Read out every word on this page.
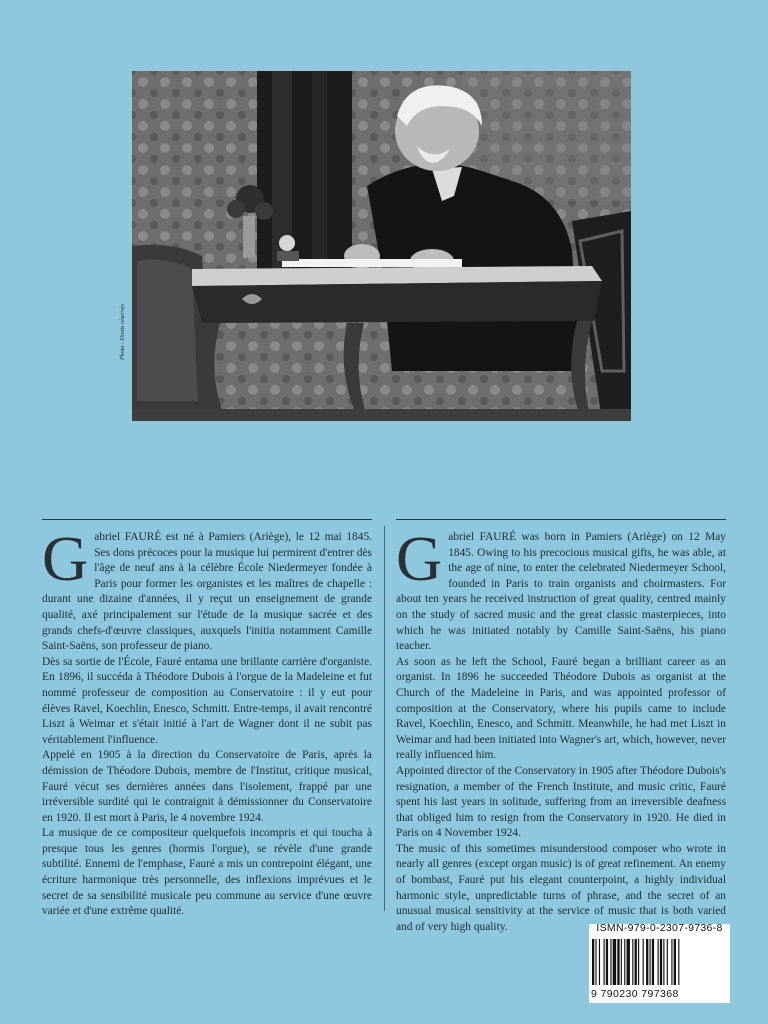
Photo : Droits réservés
G abriel FAURÉ est né à Pamiers (Ariège), le 12 mai 1845. Ses dons précoces pour la musique lui permirent d'entrer dès l'âge de neuf ans à la célèbre École Niedermeyer fondée à Paris pour former les organistes et les maîtres de chapelle : durant une dizaine d'années, il y reçut un enseignement de grande qualité, axé principalement sur l'étude de la musique sacrée et des grands chefs-d'œuvre classiques, auxquels l'initia notamment Camille Saint-Saëns, son professeur de piano.

Dès sa sortie de l'École, Fauré entama une brillante carrière d'organiste. En 1896, il succéda à Théodore Dubois à l'orgue de la Madeleine et fut nommé professeur de composition au Conservatoire : il y eut pour élèves Ravel, Koechlin, Enesco, Schmitt. Entre-temps, il avait rencontré Liszt à Weimar et s'était initié à l'art de Wagner dont il ne subit pas véritablement l'influence.

Appelé en 1905 à la direction du Conservatoire de Paris, après la démission de Théodore Dubois, membre de l'Institut, critique musical, Fauré vécut ses dernières années dans l'isolement, frappé par une irréversible surdité qui le contraignit à démissionner du Conservatoire en 1920. Il est mort à Paris, le 4 novembre 1924.

La musique de ce compositeur quelquefois incompris et qui toucha à presque tous les genres (hormis l'orgue), se révèle d'une grande subtilité. Ennemi de l'emphase, Fauré a mis un contrepoint élégant, une écriture harmonique très personnelle, des inflexions imprévues et le secret de sa sensibilité musicale peu commune au service d'une œuvre variée et d'une extrême qualité.

G abriel FAURÉ was born in Pamiers (Ariège) on 12 May 1845. Owing to his precocious musical gifts, he was able, at the age of nine, to enter the celebrated Niedermeyer School, founded in Paris to train organists and choirmasters. For about ten years he received instruction of great quality, centred mainly on the study of sacred music and the great classic masterpieces, into which he was initiated notably by Camille Saint-Saëns, his piano teacher.

As soon as he left the School, Fauré began a brilliant career as an organist. In 1896 he succeeded Théodore Dubois as organist at the Church of the Madeleine in Paris, and was appointed professor of composition at the Conservatory, where his pupils came to include Ravel, Koechlin, Enesco, and Schmitt. Meanwhile, he had met Liszt in Weimar and had been initiated into Wagner's art, which, however, never really influenced him.

Appointed director of the Conservatory in 1905 after Théodore Dubois's resignation, a member of the French Institute, and music critic, Fauré spent his last years in solitude, suffering from an irreversible deafness that obliged him to resign from the Conservatory in 1920. He died in Paris on 4 November 1924.

The music of this sometimes misunderstood composer who wrote in nearly all genres (except organ music) is of great refinement. An enemy of bombast, Fauré put his elegant counterpoint, a highly individual harmonic style, unpredictable turns of phrase, and the secret of an unusual musical sensitivity at the service of music that is both varied and of very high quality.	ISMN-979-0-2307-9736-8
9 790230 797368
